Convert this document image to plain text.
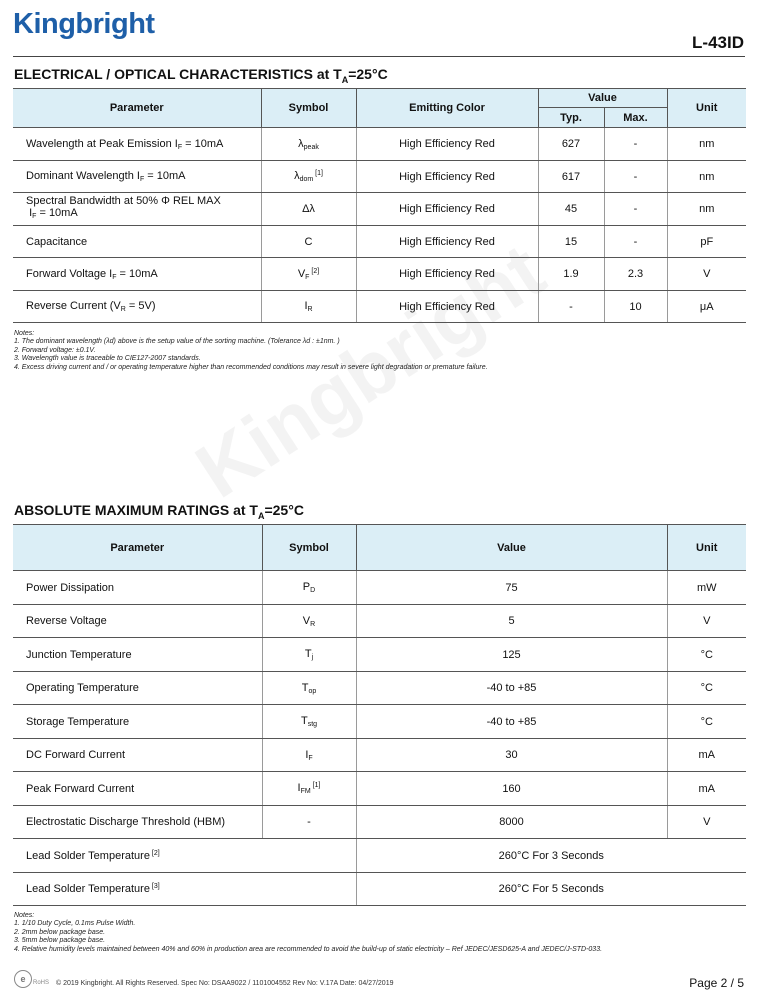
Kingbright
L-43ID
ELECTRICAL / OPTICAL CHARACTERISTICS at $T_A=25^\circ C$
Parameter	Symbol	Emitting Color	Value		Unit
			Typ.	Max.	
Wavelength at Peak Emission IF = 10mA	λpeak	High Efficiency Red	627	-	nm
Dominant Wavelength IF = 10mA	λdom [1]	High Efficiency Red	617	-	nm
Spectral Bandwidth at 50% Φ REL MAX
IF = 10mA	Δλ	High Efficiency Red	45	-	nm
Capacitance	C	High Efficiency Red	15	-	pF
Forward Voltage IF = 10mA	VF [2]	High Efficiency Red	1.9	2.3	V
Reverse Current (VR = 5V)	IR	High Efficiency Red	-	10	μA
Notes:
1. The dominant wavelength (λd) above is the setup value of the sorting machine. (Tolerance λd : ±1nm. )
2. Forward voltage: ±0.1V.
3. Wavelength value is traceable to CIE127-2007 standards.
4. Excess driving current and / or operating temperature higher than recommended conditions may result in severe light degradation or premature failure.
ABSOLUTE MAXIMUM RATINGS at $T_A=25^\circ C$
Parameter	Symbol	Value	Unit
Power Dissipation	PD	75	mW
Reverse Voltage	VR	5	V
Junction Temperature	Tj	125	°C
Operating Temperature	Top	-40 to +85	°C
Storage Temperature	Tstg	-40 to +85	°C
DC Forward Current	IF	30	mA
Peak Forward Current	IFM [1]	160	mA
Electrostatic Discharge Threshold (HBM)	-	8000	V
Lead Solder Temperature [2]		260°C For 3 Seconds	
Lead Solder Temperature [3]		260°C For 5 Seconds	
Notes:
1. 1/10 Duty Cycle, 0.1ms Pulse Width.
2. 2mm below package base.
3. 5mm below package base.
4. Relative humidity levels maintained between 40% and 60% in production area are recommended to avoid the build-up of static electricity – Ref JEDEC/JESD625-A and JEDEC/J-STD-033.
e	RoHS © 2019 Kingbright. All Rights Reserved. Spec No: DSAA9022 / 1101004552 Rev No: V.17A Date: 04/27/2019	Page 2 / 5
